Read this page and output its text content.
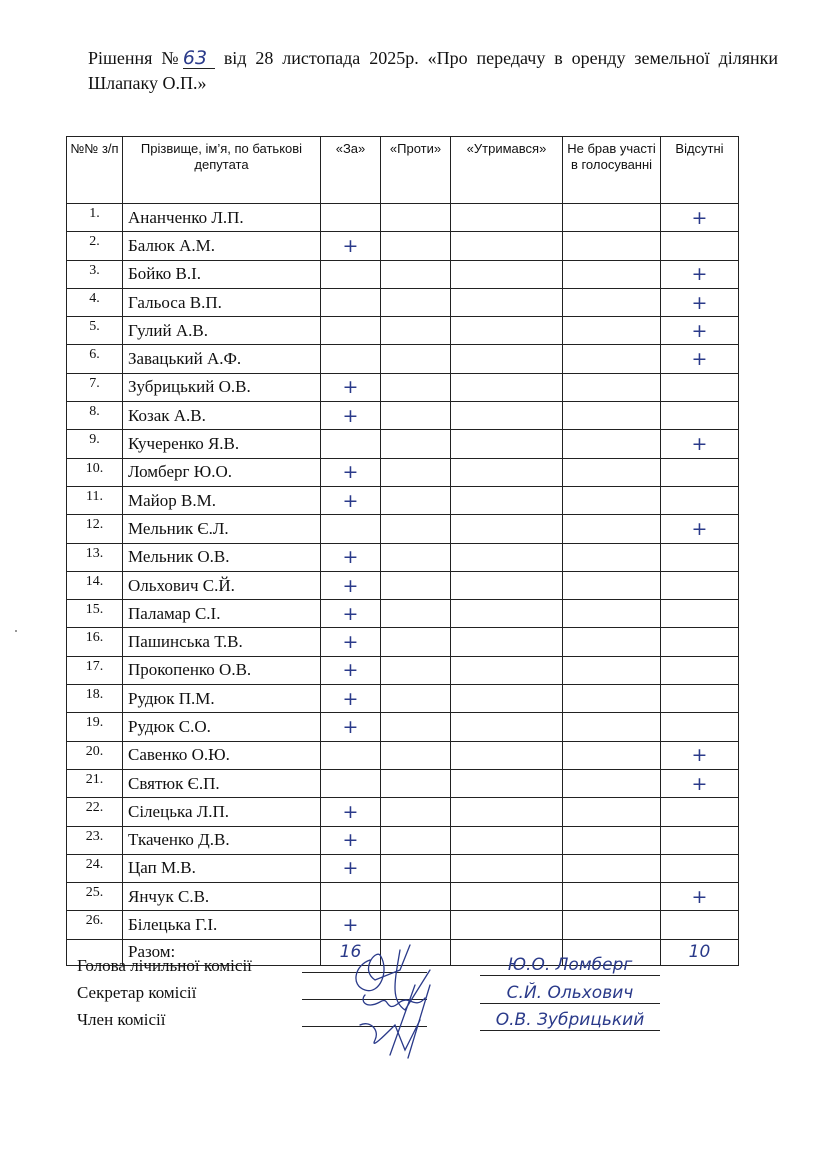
Рішення №63 від 28 листопада 2025р. «Про передачу в оренду земельної ділянки Шлапаку О.П.»
№№ з/п	Прізвище, ім’я, по батькові депутата	«За»	«Проти»	«Утримався»	Не брав участі в голосуванні	Відсутні
1.	Ананченко Л.П.					+
2.	Балюк А.М.	+				
3.	Бойко В.І.					+
4.	Гальоса В.П.					+
5.	Гулий А.В.					+
6.	Завацький А.Ф.					+
7.	Зубрицький О.В.	+				
8.	Козак А.В.	+				
9.	Кучеренко Я.В.					+
10.	Ломберг Ю.О.	+				
11.	Майор В.М.	+				
12.	Мельник Є.Л.					+
13.	Мельник О.В.	+				
14.	Ольхович С.Й.	+				
15.	Паламар С.І.	+				
16.	Пашинська Т.В.	+				
17.	Прокопенко О.В.	+				
18.	Рудюк П.М.	+				
19.	Рудюк С.О.	+				
20.	Савенко О.Ю.					+
21.	Святюк Є.П.					+
22.	Сілецька Л.П.	+				
23.	Ткаченко Д.В.	+				
24.	Цап М.В.	+				
25.	Янчук С.В.					+
26.	Білецька Г.І.	+				
	Разом:	16				10
Голова лічильної комісії	Ю.О. Ломберг
Секретар комісії	С.Й. Ольхович
Член комісії	О.В. Зубрицький
